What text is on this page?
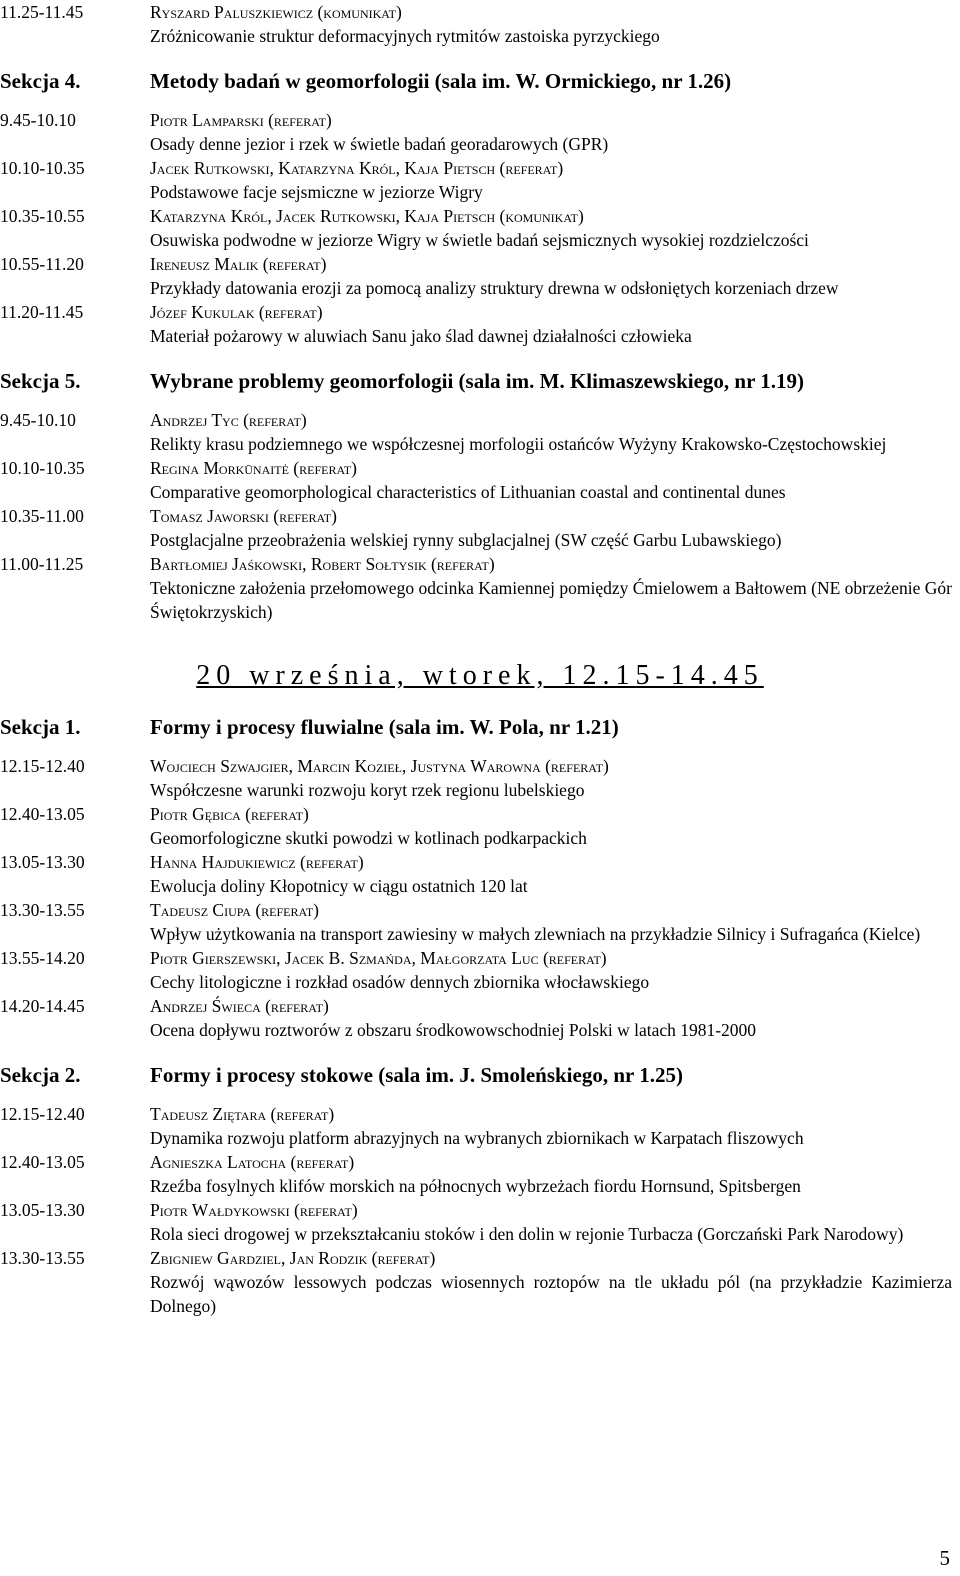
11.25-11.45	Ryszard Paluszkiewicz (komunikat)
Zróżnicowanie struktur deformacyjnych rytmitów zastoiska pyrzyckiego
Sekcja 4.	Metody badań w geomorfologii (sala im. W. Ormickiego, nr 1.26)
9.45-10.10	Piotr Lamparski (referat)
Osady denne jezior i rzek w świetle badań georadarowych (GPR)
10.10-10.35	Jacek Rutkowski, Katarzyna Król, Kaja Pietsch (referat)
Podstawowe facje sejsmiczne w jeziorze Wigry
10.35-10.55	Katarzyna Król, Jacek Rutkowski, Kaja Pietsch (komunikat)
Osuwiska podwodne w jeziorze Wigry w świetle badań sejsmicznych wysokiej rozdzielczości
10.55-11.20	Ireneusz Malik (referat)
Przykłady datowania erozji za pomocą analizy struktury drewna w odsłoniętych korzeniach drzew
11.20-11.45	Józef Kukulak (referat)
Materiał pożarowy w aluwiach Sanu jako ślad dawnej działalności człowieka
Sekcja 5.	Wybrane problemy geomorfologii (sala im. M. Klimaszewskiego, nr 1.19)
9.45-10.10	Andrzej Tyc (referat)
Relikty krasu podziemnego we współczesnej morfologii ostańców Wyżyny Krakowsko-Częstochowskiej
10.10-10.35	Regina Morkūnaitė (referat)
Comparative geomorphological characteristics of Lithuanian coastal and continental dunes
10.35-11.00	Tomasz Jaworski (referat)
Postglacjalne przeobrażenia welskiej rynny subglacjalnej (SW część Garbu Lubawskiego)
11.00-11.25	Bartłomiej Jaśkowski, Robert Sołtysik (referat)
Tektoniczne założenia przełomowego odcinka Kamiennej pomiędzy Ćmielowem a Bałtowem (NE obrzeżenie Gór Świętokrzyskich)
20 września, wtorek, 12.15-14.45
Sekcja 1.	Formy i procesy fluwialne (sala im. W. Pola, nr 1.21)
12.15-12.40	Wojciech Szwajgier, Marcin Kozieł, Justyna Warowna (referat)
Współczesne warunki rozwoju koryt rzek regionu lubelskiego
12.40-13.05	Piotr Gębica (referat)
Geomorfologiczne skutki powodzi w kotlinach podkarpackich
13.05-13.30	Hanna Hajdukiewicz (referat)
Ewolucja doliny Kłopotnicy w ciągu ostatnich 120 lat
13.30-13.55	Tadeusz Ciupa (referat)
Wpływ użytkowania na transport zawiesiny w małych zlewniach na przykładzie Silnicy i Sufragańca (Kielce)
13.55-14.20	Piotr Gierszewski, Jacek B. Szmańda, Małgorzata Luc (referat)
Cechy litologiczne i rozkład osadów dennych zbiornika włocławskiego
14.20-14.45	Andrzej Świeca (referat)
Ocena dopływu roztworów z obszaru środkowowschodniej Polski w latach 1981-2000
Sekcja 2.	Formy i procesy stokowe (sala im. J. Smoleńskiego, nr 1.25)
12.15-12.40	Tadeusz Ziętara (referat)
Dynamika rozwoju platform abrazyjnych na wybranych zbiornikach w Karpatach fliszowych
12.40-13.05	Agnieszka Latocha (referat)
Rzeźba fosylnych klifów morskich na północnych wybrzeżach fiordu Hornsund, Spitsbergen
13.05-13.30	Piotr Wałdykowski (referat)
Rola sieci drogowej w przekształcaniu stoków i den dolin w rejonie Turbacza (Gorczański Park Narodowy)
13.30-13.55	Zbigniew Gardziel, Jan Rodzik (referat)
Rozwój wąwozów lessowych podczas wiosennych roztopów na tle układu pól (na przykładzie Kazimierza Dolnego)
5
